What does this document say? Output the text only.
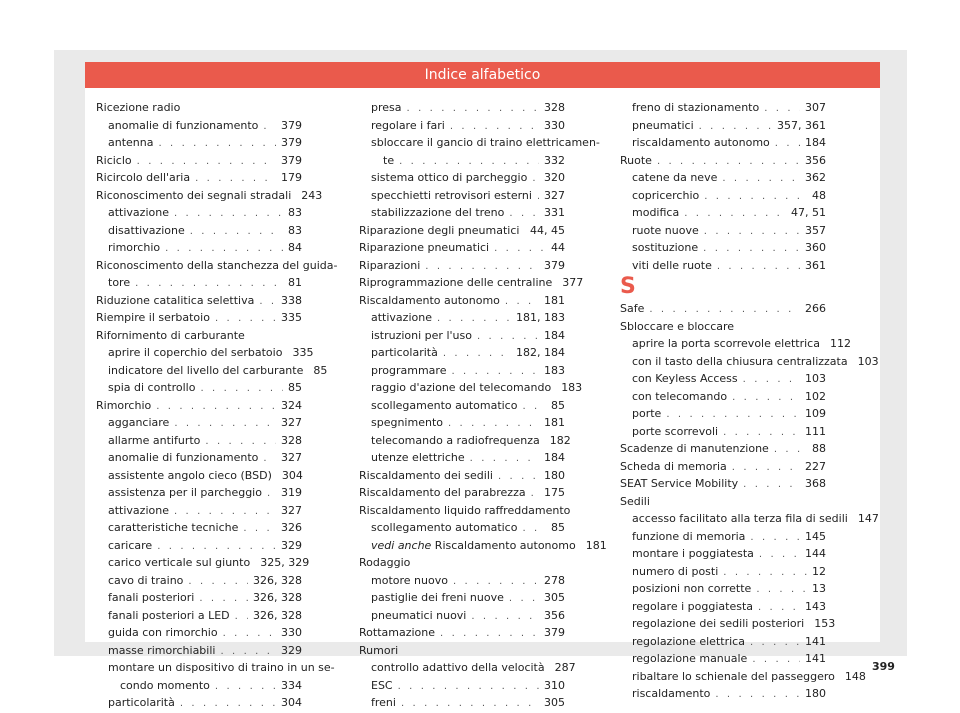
Indice alfabetico
Ricezione radio
anomalie di funzionamento . . . 379
antenna . . .	379
Riciclo . . .	379
Ricircolo dell'aria . . .	179
Riconoscimento dei segnali stradali 243
attivazione . . .	83
disattivazione . . .	83
rimorchio . . .	84
Riconoscimento della stanchezza del guida-
tore . . .	81
Riduzione catalitica selettiva . . . 338
Riempire il serbatoio . . .	335
Rifornimento di carburante
aprire il coperchio del serbatoio 335
indicatore del livello del carburante 85
spia di controllo . . .	85
Rimorchio . . .	324
agganciare . . .	327
allarme antifurto . . .	328
anomalie di funzionamento . . . 327
assistente angolo cieco (BSD) 304
assistenza per il parcheggio . . . 319
attivazione . . .	327
caratteristiche tecniche . . .	326
caricare . . .	329
carico verticale sul giunto 325, 329
cavo di traino . . .	326, 328
fanali posteriori . . .	326, 328
fanali posteriori a LED . . . 326, 328
guida con rimorchio . . .	330
masse rimorchiabili . . .	329
montare un dispositivo di traino in un se-
condo momento . . .	334
particolarità . . .	304
presa . . .	328
regolare i fari . . .	330
sbloccare il gancio di traino elettricamen-
te . . .	332
sistema ottico di parcheggio . . . 320
specchietti retrovisori esterni . . . 327
stabilizzazione del treno . . .	331
Riparazione degli pneumatici . . . 44, 45
Riparazione pneumatici . . .	44
Riparazioni . . .	379
Riprogrammazione delle centraline 377
Riscaldamento autonomo . . .	181
attivazione . . .	181, 183
istruzioni per l'uso . . .	184
particolarità . . .	182, 184
programmare . . .	183
raggio d'azione del telecomando 183
scollegamento automatico . . .	85
spegnimento . . .	181
telecomando a radiofrequenza 182
utenze elettriche . . .	184
Riscaldamento dei sedili . . .	180
Riscaldamento del parabrezza . . . 175
Riscaldamento liquido raffreddamento
scollegamento automatico . . .	85
vedi anche Riscaldamento autonomo 181
Rodaggio
motore nuovo . . .	278
pastiglie dei freni nuove . . .	305
pneumatici nuovi . . .	356
Rottamazione . . .	379
Rumori
controllo adattivo della velocità 287
ESC . . .	310
freni . . .	305
freno di stazionamento . . .	307
pneumatici . . .	357, 361
riscaldamento autonomo . . .	184
Ruote . . .	356
catene da neve . . .	362
copricerchio . . .	48
modifica . . .	47, 51
ruote nuove . . .	357
sostituzione . . .	360
viti delle ruote . . .	361
S
Safe . . .	266
Sbloccare e bloccare
aprire la porta scorrevole elettrica 112
con il tasto della chiusura centralizzata 103
con Keyless Access . . .	103
con telecomando . . .	102
porte . . .	109
porte scorrevoli . . .	111
Scadenze di manutenzione . . .	88
Scheda di memoria . . .	227
SEAT Service Mobility . . .	368
Sedili
accesso facilitato alla terza fila di sedili 147
funzione di memoria . . .	145
montare i poggiatesta . . .	144
numero di posti . . .	12
posizioni non corrette . . .	13
regolare i poggiatesta . . .	143
regolazione dei sedili posteriori 153
regolazione elettrica . . .	141
regolazione manuale . . .	141
ribaltare lo schienale del passeggero 148
riscaldamento . . .	180
399
